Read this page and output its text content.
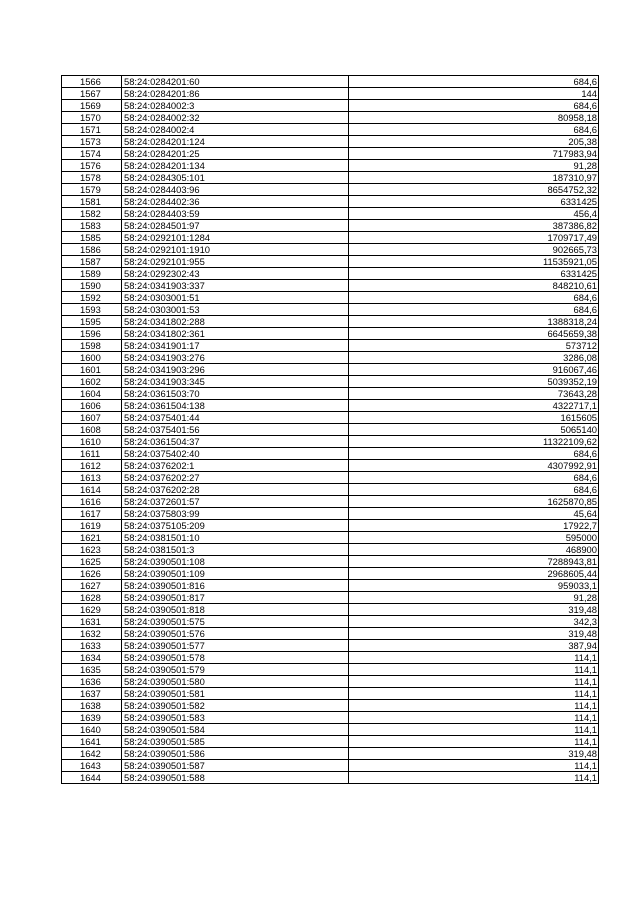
1566	58:24:0284201:60	684,6
1567	58:24:0284201:86	144
1569	58:24:0284002:3	684,6
1570	58:24:0284002:32	80958,18
1571	58:24:0284002:4	684,6
1573	58:24:0284201:124	205,38
1574	58:24:0284201:25	717983,94
1576	58:24:0284201:134	91,28
1578	58:24:0284305:101	187310,97
1579	58:24:0284403:96	8654752,32
1581	58:24:0284402:36	6331425
1582	58:24:0284403:59	456,4
1583	58:24:0284501:97	387386,82
1585	58:24:0292101:1284	1709717,49
1586	58:24:0292101:1910	902665,73
1587	58:24:0292101:955	11535921,05
1589	58:24:0292302:43	6331425
1590	58:24:0341903:337	848210,61
1592	58:24:0303001:51	684,6
1593	58:24:0303001:53	684,6
1595	58:24:0341802:288	1388318,24
1596	58:24:0341802:361	6645659,38
1598	58:24:0341901:17	573712
1600	58:24:0341903:276	3286,08
1601	58:24:0341903:296	916067,46
1602	58:24:0341903:345	5039352,19
1604	58:24:0361503:70	73643,28
1606	58:24:0361504:138	4322717,1
1607	58:24:0375401:44	1615605
1608	58:24:0375401:56	5065140
1610	58:24:0361504:37	11322109,62
1611	58:24:0375402:40	684,6
1612	58:24:0376202:1	4307992,91
1613	58:24:0376202:27	684,6
1614	58:24:0376202:28	684,6
1616	58:24:0372601:57	1625870,85
1617	58:24:0375803:99	45,64
1619	58:24:0375105:209	17922,7
1621	58:24:0381501:10	595000
1623	58:24:0381501:3	468900
1625	58:24:0390501:108	7288943,81
1626	58:24:0390501:109	2968605,44
1627	58:24:0390501:816	959033,1
1628	58:24:0390501:817	91,28
1629	58:24:0390501:818	319,48
1631	58:24:0390501:575	342,3
1632	58:24:0390501:576	319,48
1633	58:24:0390501:577	387,94
1634	58:24:0390501:578	114,1
1635	58:24:0390501:579	114,1
1636	58:24:0390501:580	114,1
1637	58:24:0390501:581	114,1
1638	58:24:0390501:582	114,1
1639	58:24:0390501:583	114,1
1640	58:24:0390501:584	114,1
1641	58:24:0390501:585	114,1
1642	58:24:0390501:586	319,48
1643	58:24:0390501:587	114,1
1644	58:24:0390501:588	114,1
